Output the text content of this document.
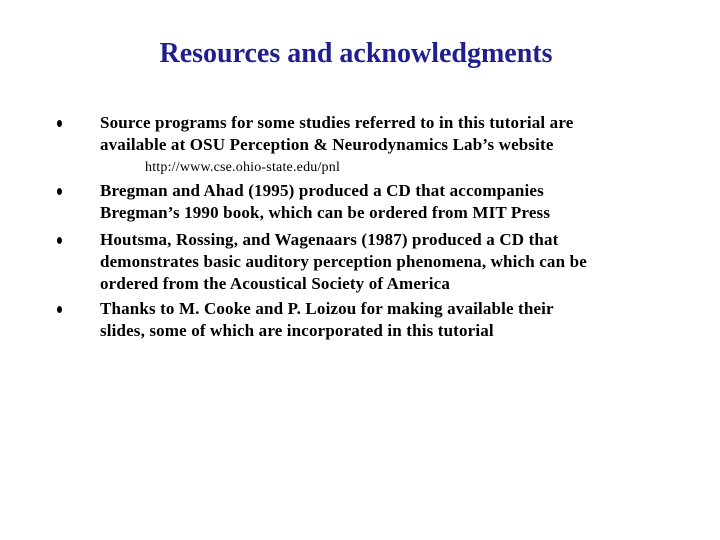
Resources and acknowledgments
Source programs for some studies referred to in this tutorial are
available at OSU Perception & Neurodynamics Lab’s website
Bregman and Ahad (1995) produced a CD that accompanies
Bregman’s 1990 book, which can be ordered from MIT Press
Houtsma, Rossing, and Wagenaars (1987) produced a CD that
demonstrates basic auditory perception phenomena, which can be
ordered from the Acoustical Society of America
Thanks to M. Cooke and P. Loizou for making available their
slides, some of which are incorporated in this tutorial

http://www.cse.ohio-state.edu/pnl
